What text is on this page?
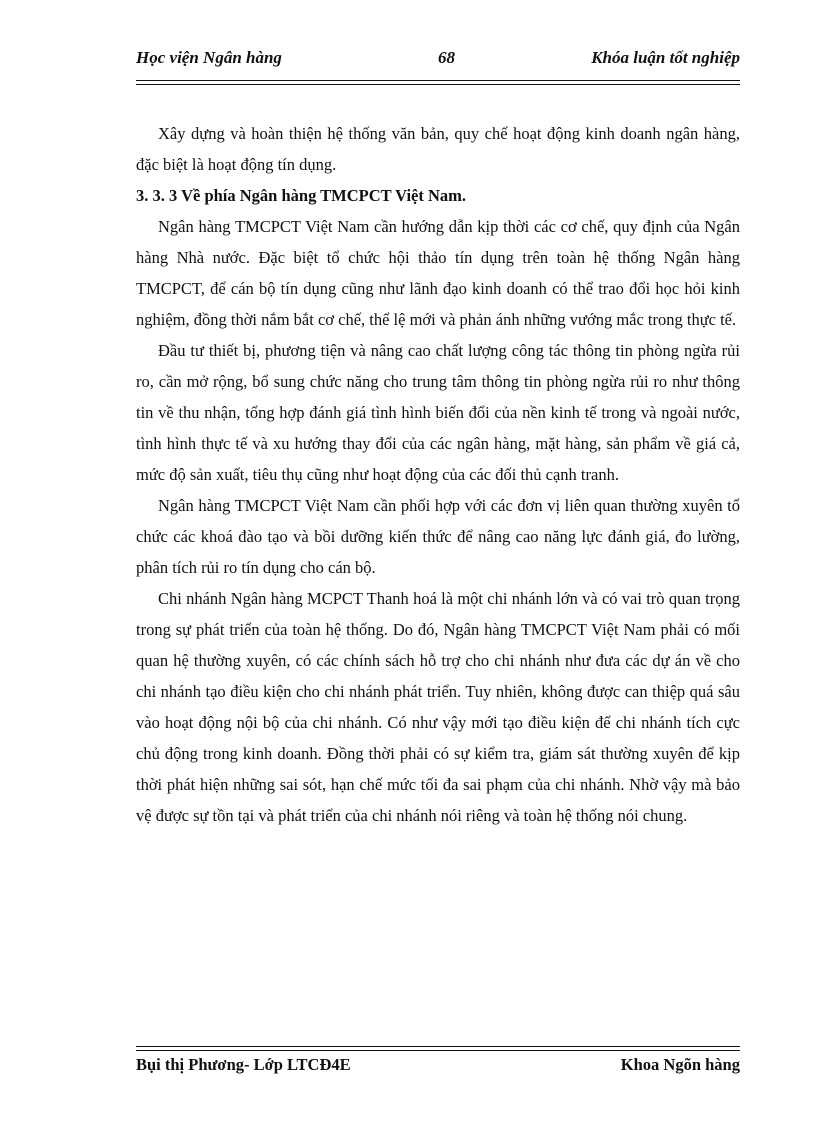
Học viện Ngân hàng	68	Khóa luận tốt nghiệp

Xây dựng và hoàn thiện hệ thống văn bản, quy chế hoạt động kinh doanh ngân hàng, đặc biệt là hoạt động tín dụng.

3. 3. 3 Về phía Ngân hàng TMCPCT Việt Nam.

Ngân hàng TMCPCT Việt Nam cần hướng dẫn kịp thời các cơ chế, quy định của Ngân hàng Nhà nước. Đặc biệt tổ chức hội thảo tín dụng trên toàn hệ thống Ngân hàng TMCPCT, để cán bộ tín dụng cũng như lãnh đạo kinh doanh có thể trao đổi học hỏi kinh nghiệm, đồng thời nắm bắt cơ chế, thể lệ mới và phản ánh những vướng mắc trong thực tế.

Đầu tư thiết bị, phương tiện và nâng cao chất lượng công tác thông tin phòng ngừa rủi ro, cần mở rộng, bổ sung chức năng cho trung tâm thông tin phòng ngừa rủi ro như thông tin về thu nhận, tổng hợp đánh giá tình hình biến đổi của nền kinh tế trong và ngoài nước, tình hình thực tế và xu hướng thay đổi của các ngân hàng, mặt hàng, sản phẩm về giá cả, mức độ sản xuất, tiêu thụ cũng như hoạt động của các đối thủ cạnh tranh.

Ngân hàng TMCPCT Việt Nam cần phối hợp với các đơn vị liên quan thường xuyên tổ chức các khoá đào tạo và bồi dưỡng kiến thức để nâng cao năng lực đánh giá, đo lường, phân tích rủi ro tín dụng cho cán bộ.

Chi nhánh Ngân hàng MCPCT Thanh hoá là một chi nhánh lớn và có vai trò quan trọng trong sự phát triển của toàn hệ thống. Do đó, Ngân hàng TMCPCT Việt Nam phải có mối quan hệ thường xuyên, có các chính sách hỗ trợ cho chi nhánh như đưa các dự án về cho chi nhánh tạo điều kiện cho chi nhánh phát triển. Tuy nhiên, không được can thiệp quá sâu vào hoạt động nội bộ của chi nhánh. Có như vậy mới tạo điều kiện để chi nhánh tích cực chủ động trong kinh doanh. Đồng thời phải có sự kiểm tra, giám sát thường xuyên để kịp thời phát hiện những sai sót, hạn chế mức tối đa sai phạm của chi nhánh. Nhờ vậy mà bảo vệ được sự tồn tại và phát triển của chi nhánh nói riêng và toàn hệ thống nói chung.

Bụi thị Phương- Lớp LTCĐ4E	Khoa Ngõn hàng
